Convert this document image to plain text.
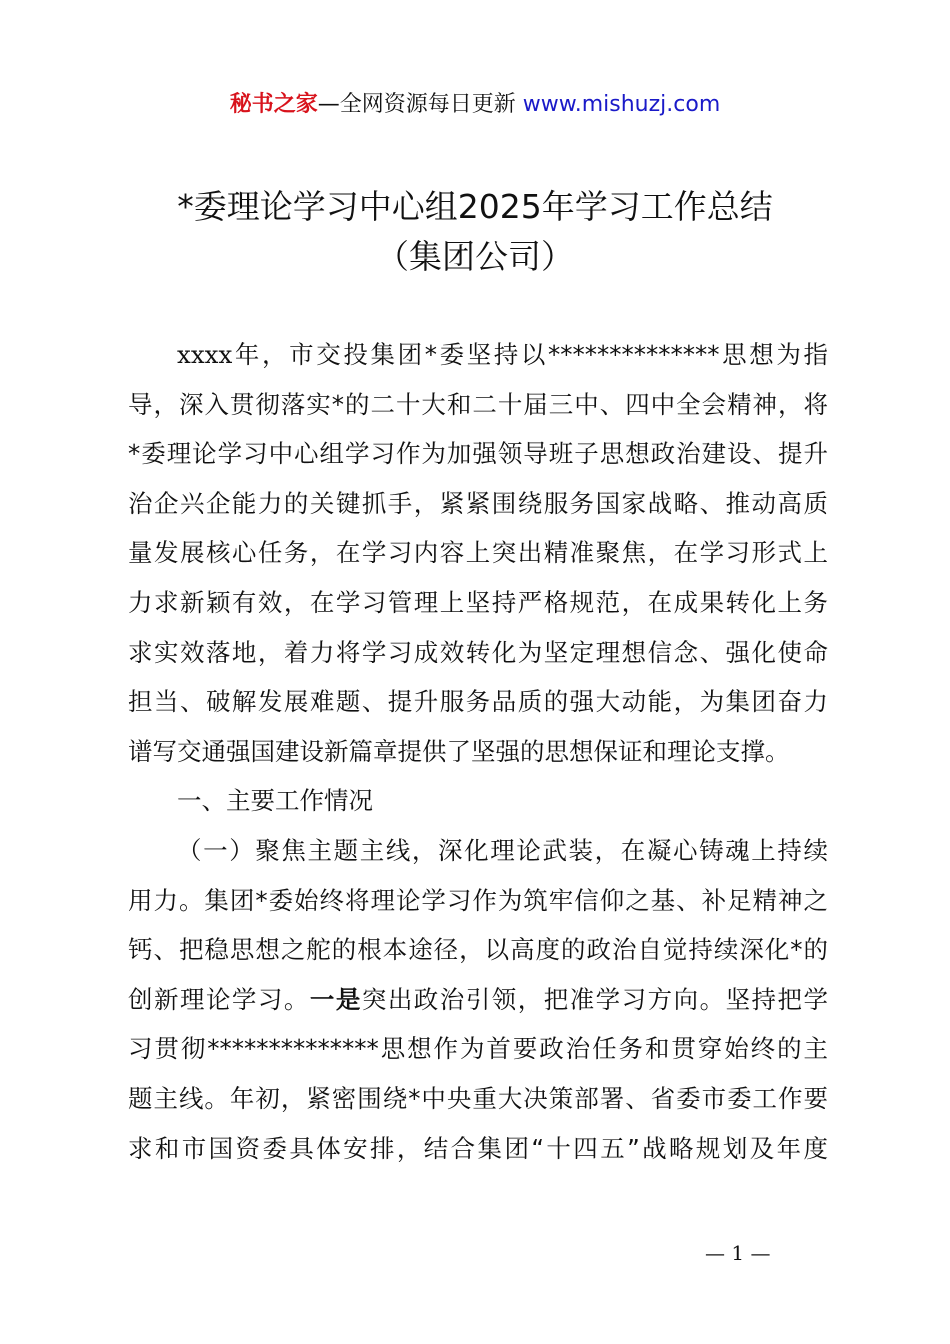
秘书之家—全网资源每日更新 www.mishuzj.com
*委理论学习中心组2025年学习工作总结
（集团公司）
xxxx年，市交投集团*委坚持以**************思想为指
导，深入贯彻落实*的二十大和二十届三中、四中全会精神，将
*委理论学习中心组学习作为加强领导班子思想政治建设、提升
治企兴企能力的关键抓手，紧紧围绕服务国家战略、推动高质
量发展核心任务，在学习内容上突出精准聚焦，在学习形式上
力求新颖有效，在学习管理上坚持严格规范，在成果转化上务
求实效落地，着力将学习成效转化为坚定理想信念、强化使命
担当、破解发展难题、提升服务品质的强大动能，为集团奋力
谱写交通强国建设新篇章提供了坚强的思想保证和理论支撑。
一、主要工作情况
（一）聚焦主题主线，深化理论武装，在凝心铸魂上持续
用力。集团*委始终将理论学习作为筑牢信仰之基、补足精神之
钙、把稳思想之舵的根本途径，以高度的政治自觉持续深化*的
创新理论学习。一是突出政治引领，把准学习方向。坚持把学
习贯彻**************思想作为首要政治任务和贯穿始终的主
题主线。年初，紧密围绕*中央重大决策部署、省委市委工作要
求和市国资委具体安排，结合集团“十四五”战略规划及年度
— 1 —
